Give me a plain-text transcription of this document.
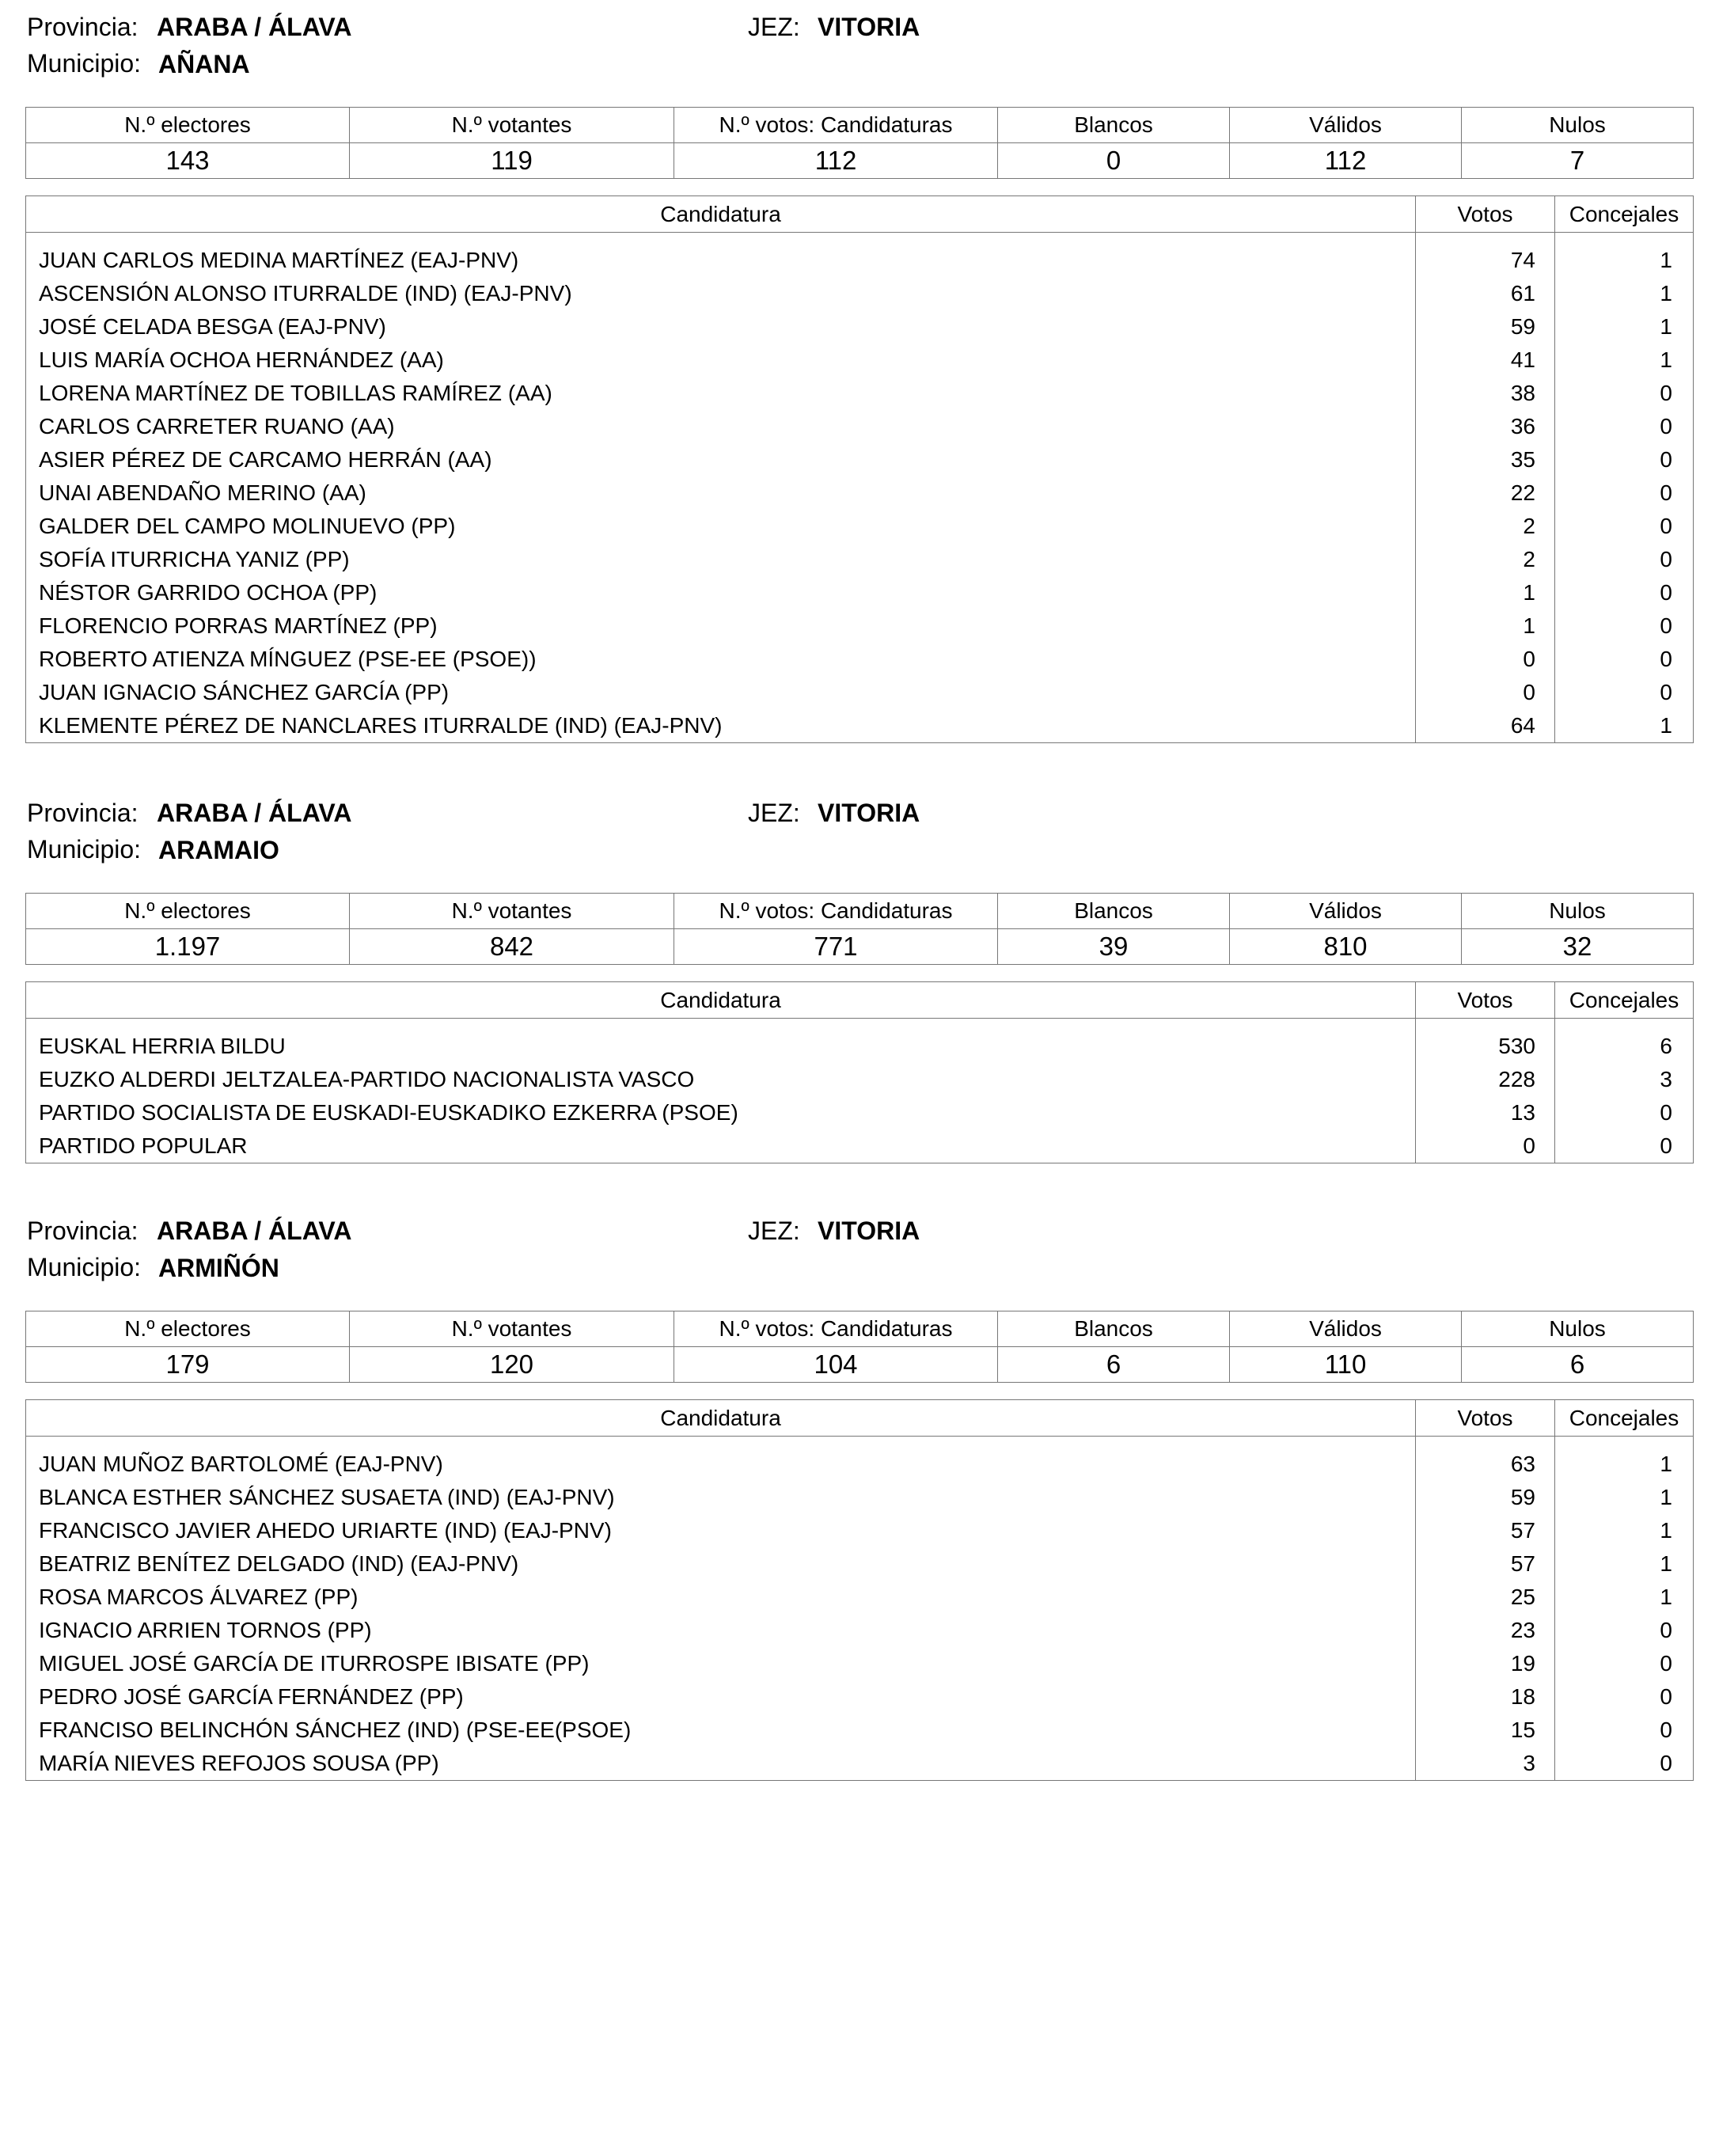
Provincia: ARABA / ÁLAVA	JEZ: VITORIA
Municipio: AÑANA
N.º electores	N.º votantes	N.º votos: Candidaturas	Blancos	Válidos	Nulos
143	119	112	0	112	7
Candidatura	Votos	Concejales
JUAN CARLOS MEDINA MARTÍNEZ (EAJ-PNV)	74	1
ASCENSIÓN ALONSO ITURRALDE (IND) (EAJ-PNV)	61	1
JOSÉ CELADA BESGA (EAJ-PNV)	59	1
LUIS MARÍA OCHOA HERNÁNDEZ (AA)	41	1
LORENA MARTÍNEZ DE TOBILLAS RAMÍREZ (AA)	38	0
CARLOS CARRETER RUANO (AA)	36	0
ASIER PÉREZ DE CARCAMO HERRÁN (AA)	35	0
UNAI ABENDAÑO MERINO (AA)	22	0
GALDER DEL CAMPO MOLINUEVO (PP)	2	0
SOFÍA ITURRICHA YANIZ (PP)	2	0
NÉSTOR GARRIDO OCHOA (PP)	1	0
FLORENCIO PORRAS MARTÍNEZ (PP)	1	0
ROBERTO ATIENZA MÍNGUEZ (PSE-EE (PSOE))	0	0
JUAN IGNACIO SÁNCHEZ GARCÍA (PP)	0	0
KLEMENTE PÉREZ DE NANCLARES ITURRALDE (IND) (EAJ-PNV)	64	1
Provincia: ARABA / ÁLAVA	JEZ: VITORIA
Municipio: ARAMAIO
N.º electores	N.º votantes	N.º votos: Candidaturas	Blancos	Válidos	Nulos
1.197	842	771	39	810	32
Candidatura	Votos	Concejales
EUSKAL HERRIA BILDU	530	6
EUZKO ALDERDI JELTZALEA-PARTIDO NACIONALISTA VASCO	228	3
PARTIDO SOCIALISTA DE EUSKADI-EUSKADIKO EZKERRA (PSOE)	13	0
PARTIDO POPULAR	0	0
Provincia: ARABA / ÁLAVA	JEZ: VITORIA
Municipio: ARMIÑÓN
N.º electores	N.º votantes	N.º votos: Candidaturas	Blancos	Válidos	Nulos
179	120	104	6	110	6
Candidatura	Votos	Concejales
JUAN MUÑOZ BARTOLOMÉ (EAJ-PNV)	63	1
BLANCA ESTHER SÁNCHEZ SUSAETA (IND) (EAJ-PNV)	59	1
FRANCISCO JAVIER AHEDO URIARTE (IND) (EAJ-PNV)	57	1
BEATRIZ BENÍTEZ DELGADO (IND) (EAJ-PNV)	57	1
ROSA MARCOS ÁLVAREZ (PP)	25	1
IGNACIO ARRIEN TORNOS (PP)	23	0
MIGUEL JOSÉ GARCÍA DE ITURROSPE IBISATE (PP)	19	0
PEDRO JOSÉ GARCÍA FERNÁNDEZ (PP)	18	0
FRANCISO BELINCHÓN SÁNCHEZ (IND) (PSE-EE(PSOE)	15	0
MARÍA NIEVES REFOJOS SOUSA (PP)	3	0
